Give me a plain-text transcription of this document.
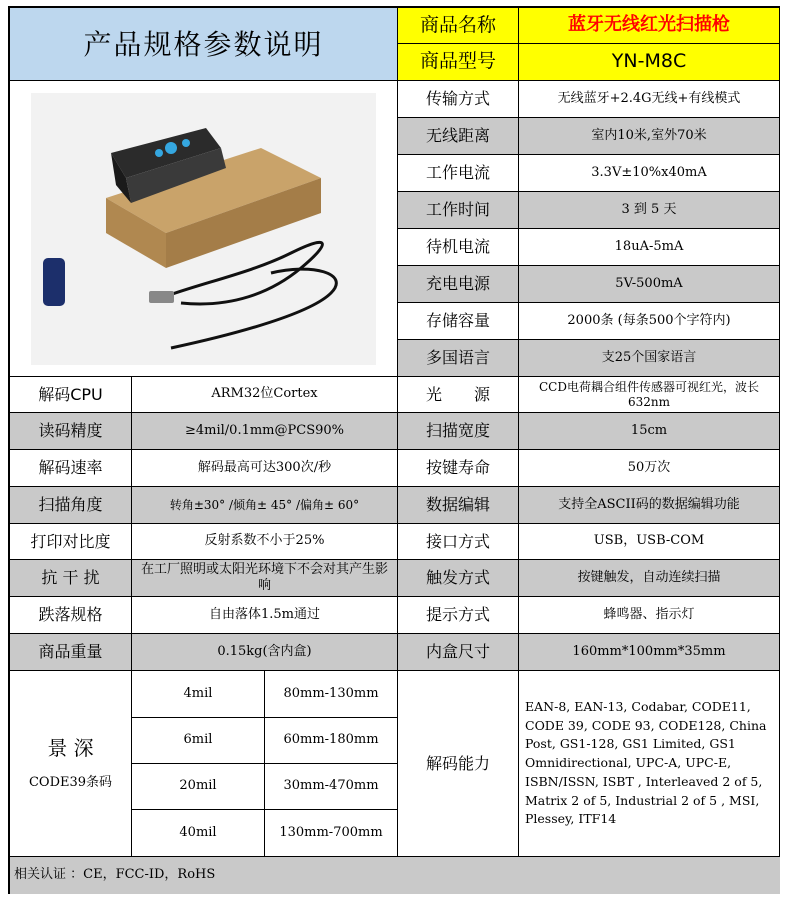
产品规格参数说明
商品名称	蓝牙无线红光扫描枪
商品型号	YN-M8C
传输方式	无线蓝牙+2.4G无线+有线模式
无线距离	室内10米,室外70米
工作电流	3.3V±10%x40mA
工作时间	3 到 5 天
待机电流	18uA-5mA
充电电源	5V-500mA
存储容量	2000条 (每条500个字符内)
多国语言	支25个国家语言
解码CPU	ARM32位Cortex	光　　源	CCD电荷耦合组件传感器可视红光，波长632nm
读码精度	≥4mil/0.1mm@PCS90%	扫描宽度	15cm
解码速率	解码最高可达300次/秒	按键寿命	50万次
扫描角度	转角±30° /倾角± 45° /偏角± 60°	数据编辑	支持全ASCII码的数据编辑功能
打印对比度	反射系数不小于25%	接口方式	USB，USB-COM
抗 干 扰	在工厂照明或太阳光环境下不会对其产生影响	触发方式	按键触发，自动连续扫描
跌落规格	自由落体1.5m通过	提示方式	蜂鸣器、指示灯
商品重量	0.15kg(含内盒)	内盒尺寸	160mm*100mm*35mm
景 深
CODE39条码
4mil	80mm-130mm
6mil	60mm-180mm
20mil	30mm-470mm
40mil	130mm-700mm
解码能力
EAN-8, EAN-13, Codabar, CODE11, CODE 39, CODE 93, CODE128, China Post, GS1-128, GS1 Limited, GS1 Omnidirectional, UPC-A, UPC-E, ISBN/ISSN, ISBT , Interleaved 2 of 5, Matrix 2 of 5, Industrial 2 of 5 , MSI, Plessey, ITF14
相关认证 ：CE，FCC-ID，RoHS
